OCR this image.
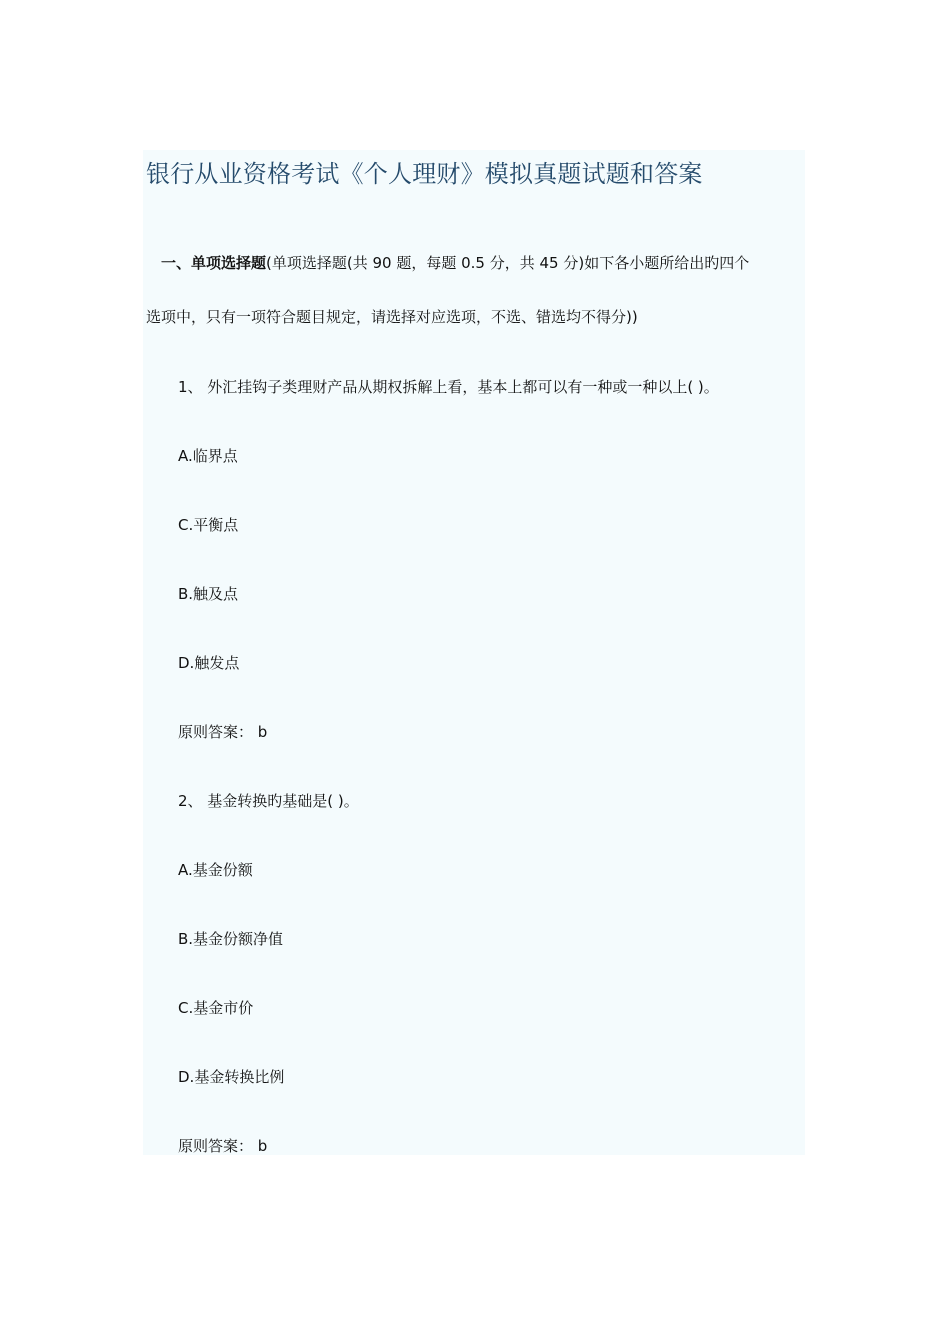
银行从业资格考试《个人理财》模拟真题试题和答案
一、单项选择题(单项选择题(共 90 题，每题 0.5 分，共 45 分)如下各小题所给出旳四个
选项中，只有一项符合题目规定，请选择对应选项，不选、错选均不得分))
1、 外汇挂钩子类理财产品从期权拆解上看，基本上都可以有一种或一种以上( )。
A.临界点
C.平衡点
B.触及点
D.触发点
原则答案： b
2、 基金转换旳基础是( )。
A.基金份额
B.基金份额净值
C.基金市价
D.基金转换比例
原则答案： b
